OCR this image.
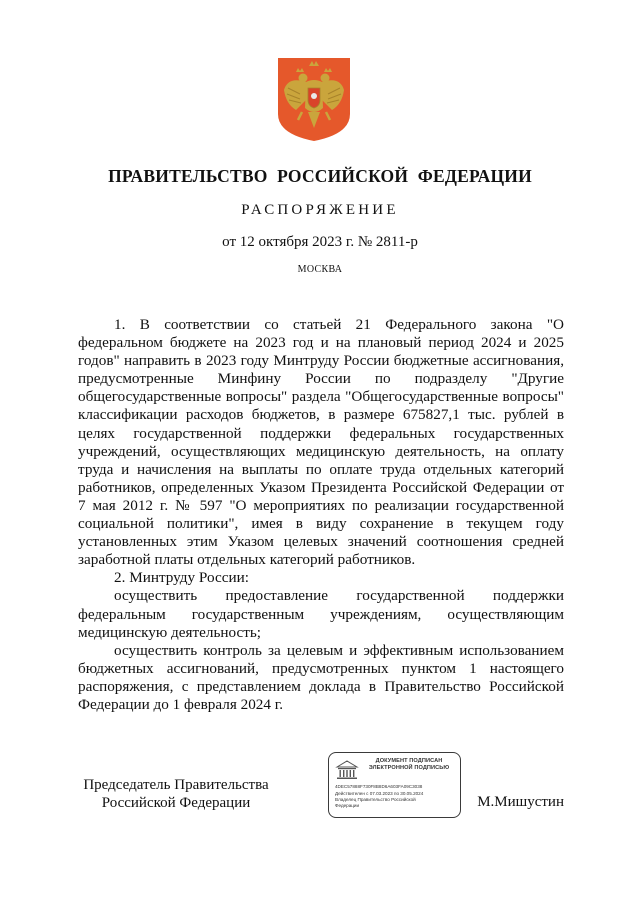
ПРАВИТЕЛЬСТВО РОССИЙСКОЙ ФЕДЕРАЦИИ
РАСПОРЯЖЕНИЕ
от 12 октября 2023 г. № 2811-р
МОСКВА

1. В соответствии со статьей 21 Федерального закона "О федеральном бюджете на 2023 год и на плановый период 2024 и 2025 годов" направить в 2023 году Минтруду России бюджетные ассигнования, предусмотренные Минфину России по подразделу "Другие общегосударственные вопросы" раздела "Общегосударственные вопросы" классификации расходов бюджетов, в размере 675827,1 тыс. рублей в целях государственной поддержки федеральных государственных учреждений, осуществляющих медицинскую деятельность, на оплату труда и начисления на выплаты по оплате труда отдельных категорий работников, определенных Указом Президента Российской Федерации от 7 мая 2012 г. № 597 "О мероприятиях по реализации государственной социальной политики", имея в виду сохранение в текущем году установленных этим Указом целевых значений соотношения средней заработной платы отдельных категорий работников.

2. Минтруду России:

осуществить предоставление государственной поддержки федеральным государственным учреждениям, осуществляющим медицинскую деятельность;

осуществить контроль за целевым и эффективным использованием бюджетных ассигнований, предусмотренных пунктом 1 настоящего распоряжения, с представлением доклада в Правительство Российской Федерации до 1 февраля 2024 г.

Председатель Правительства
Российской Федерации
ДОКУМЕНТ ПОДПИСАН
ЭЛЕКТРОННОЙ ПОДПИСЬЮ
4DEC57888F730F8B8D6A603FA09C3038
Действителен с 07.03.2023 по 30.05.2024
Владелец Правительство Российской
Федерации	М.Мишустин
